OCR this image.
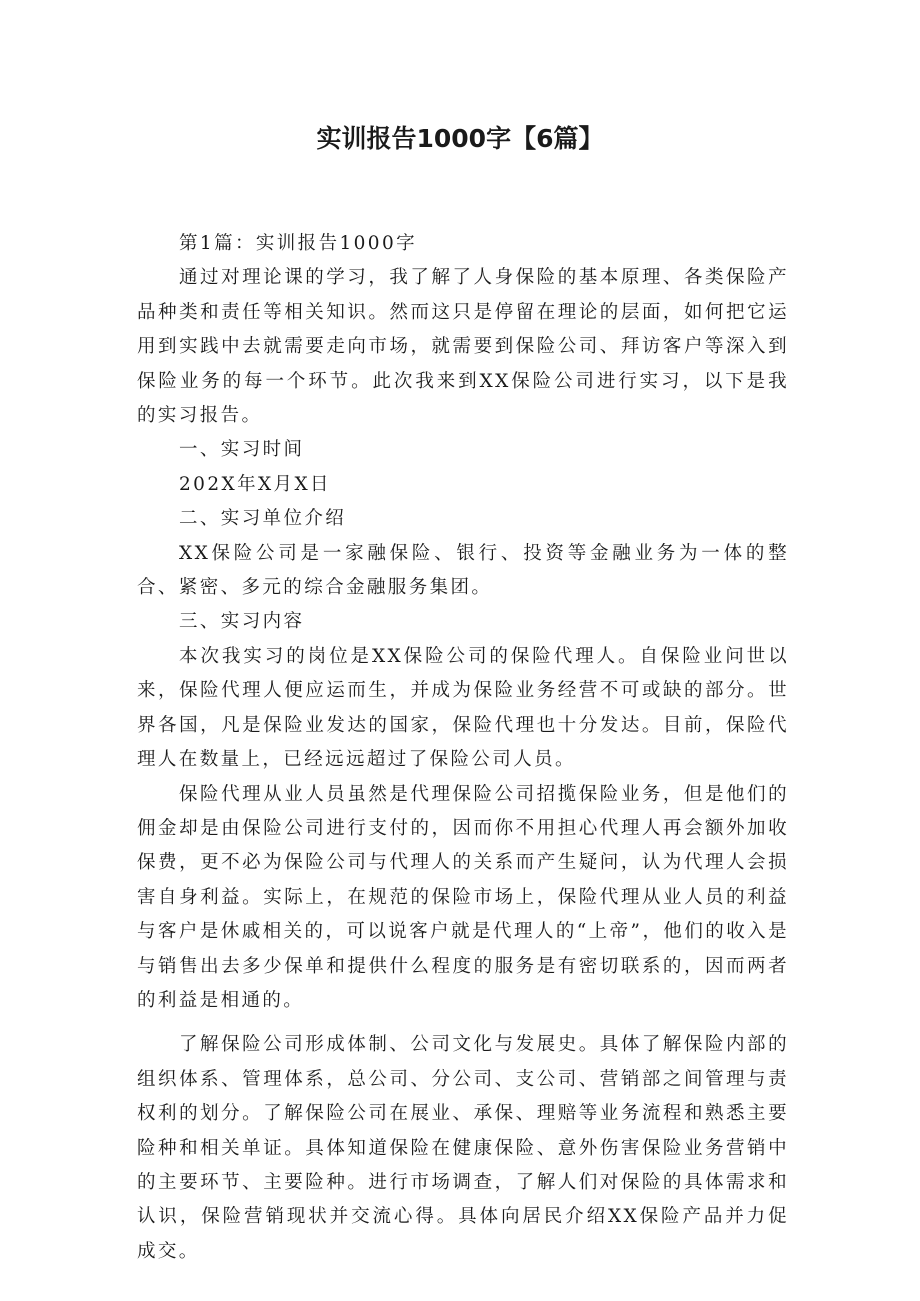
实训报告1000字【6篇】

第1篇：实训报告1000字

通过对理论课的学习，我了解了人身保险的基本原理、各类保险产品种类和责任等相关知识。然而这只是停留在理论的层面，如何把它运用到实践中去就需要走向市场，就需要到保险公司、拜访客户等深入到保险业务的每一个环节。此次我来到XX保险公司进行实习，以下是我的实习报告。

一、实习时间

202X年X月X日

二、实习单位介绍

XX保险公司是一家融保险、银行、投资等金融业务为一体的整合、紧密、多元的综合金融服务集团。

三、实习内容

本次我实习的岗位是XX保险公司的保险代理人。自保险业问世以来，保险代理人便应运而生，并成为保险业务经营不可或缺的部分。世界各国，凡是保险业发达的国家，保险代理也十分发达。目前，保险代理人在数量上，已经远远超过了保险公司人员。

保险代理从业人员虽然是代理保险公司招揽保险业务，但是他们的佣金却是由保险公司进行支付的，因而你不用担心代理人再会额外加收保费，更不必为保险公司与代理人的关系而产生疑问，认为代理人会损害自身利益。实际上，在规范的保险市场上，保险代理从业人员的利益与客户是休戚相关的，可以说客户就是代理人的“上帝”，他们的收入是与销售出去多少保单和提供什么程度的服务是有密切联系的，因而两者的利益是相通的。

了解保险公司形成体制、公司文化与发展史。具体了解保险内部的组织体系、管理体系，总公司、分公司、支公司、营销部之间管理与责权利的划分。了解保险公司在展业、承保、理赔等业务流程和熟悉主要险种和相关单证。具体知道保险在健康保险、意外伤害保险业务营销中的主要环节、主要险种。进行市场调查，了解人们对保险的具体需求和认识，保险营销现状并交流心得。具体向居民介绍XX保险产品并力促成交。
